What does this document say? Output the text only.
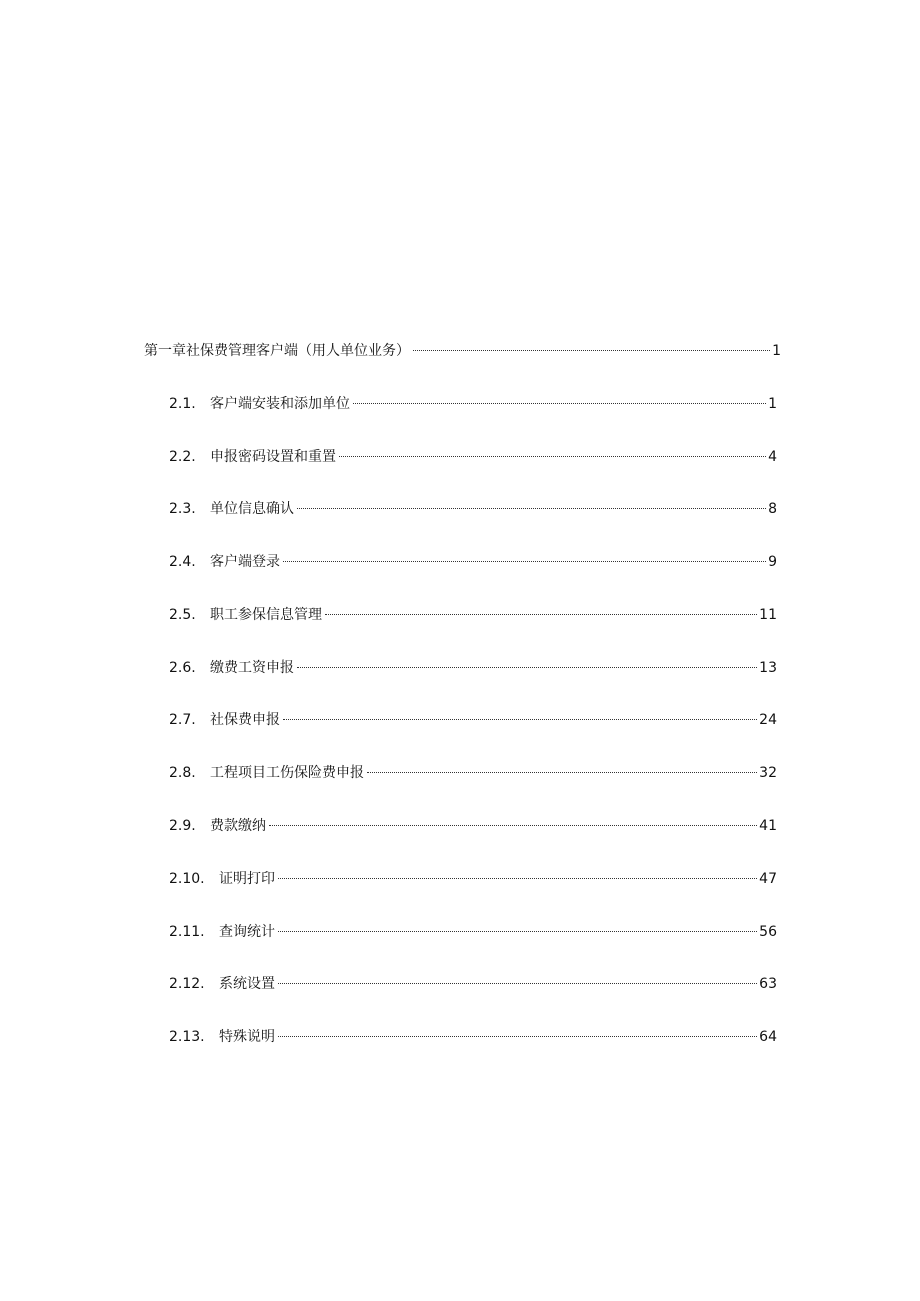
第一章社保费管理客户端（用人单位业务）	1
2.1.	客户端安装和添加单位	1
2.2.	申报密码设置和重置	4
2.3.	单位信息确认	8
2.4.	客户端登录	9
2.5.	职工参保信息管理	11
2.6.	缴费工资申报	13
2.7.	社保费申报	24
2.8.	工程项目工伤保险费申报	32
2.9.	费款缴纳	41
2.10.	证明打印	47
2.11.	查询统计	56
2.12.	系统设置	63
2.13.	特殊说明	64
